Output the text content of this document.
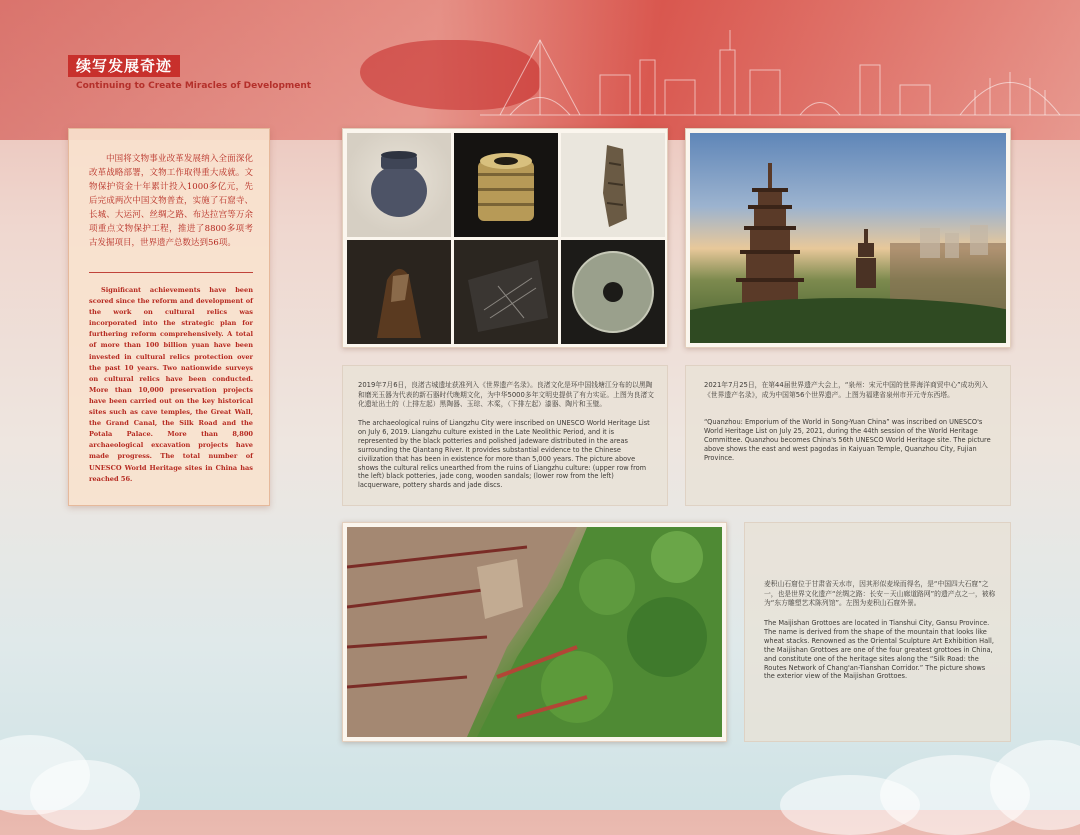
续写发展奇迹
Continuing to Create Miracles of Development
中国将文物事业改革发展纳入全面深化改革战略部署，文物工作取得重大成就。文物保护资金十年累计投入1000多亿元，先后完成两次中国文物普查，实施了石窟寺、长城、大运河、丝绸之路、布达拉宫等万余项重点文物保护工程，推进了8800多项考古发掘项目，世界遗产总数达到56项。
Significant achievements have been scored since the reform and development of the work on cultural relics was incorporated into the strategic plan for furthering reform comprehensively. A total of more than 100 billion yuan have been invested in cultural relics protection over the past 10 years. Two nationwide surveys on cultural relics have been conducted. More than 10,000 preservation projects have been carried out on the key historical sites such as cave temples, the Great Wall, the Grand Canal, the Silk Road and the Potala Palace. More than 8,800 archaeological excavation projects have made progress. The total number of UNESCO World Heritage sites in China has reached 56.
2019年7月6日，良渚古城遗址获准列入《世界遗产名录》。良渚文化是环中国钱塘江分布的以黑陶和磨光玉器为代表的新石器时代晚期文化，为中华5000多年文明史提供了有力实证。上图为良渚文化遗址出土的（上排左起）黑陶器、玉琮、木桨，（下排左起）漆器、陶片和玉璧。
The archaeological ruins of Liangzhu City were inscribed on UNESCO World Heritage List on July 6, 2019. Liangzhu culture existed in the Late Neolithic Period, and it is represented by the black potteries and polished jadeware distributed in the areas surrounding the Qiantang River. It provides substantial evidence to the Chinese civilization that has been in existence for more than 5,000 years. The picture above shows the cultural relics unearthed from the ruins of Liangzhu culture: (upper row from the left) black potteries, jade cong, wooden sandals; (lower row from the left) lacquerware, pottery shards and jade discs.
2021年7月25日，在第44届世界遗产大会上，“泉州：宋元中国的世界海洋商贸中心”成功列入《世界遗产名录》，成为中国第56个世界遗产。上图为福建省泉州市开元寺东西塔。
“Quanzhou: Emporium of the World in Song-Yuan China” was inscribed on UNESCO's World Heritage List on July 25, 2021, during the 44th session of the World Heritage Committee. Quanzhou becomes China's 56th UNESCO World Heritage site. The picture above shows the east and west pagodas in Kaiyuan Temple, Quanzhou City, Fujian Province.
麦积山石窟位于甘肃省天水市，因其形似麦垛而得名，是“中国四大石窟”之一，也是世界文化遗产“丝绸之路：长安－天山廊道路网”的遗产点之一，被称为“东方雕塑艺术陈列馆”。左图为麦积山石窟外景。
The Maijishan Grottoes are located in Tianshui City, Gansu Province. The name is derived from the shape of the mountain that looks like wheat stacks. Renowned as the Oriental Sculpture Art Exhibition Hall, the Maijishan Grottoes are one of the four greatest grottoes in China, and constitute one of the heritage sites along the “Silk Road: the Routes Network of Chang'an-Tianshan Corridor.” The picture shows the exterior view of the Maijishan Grottoes.
